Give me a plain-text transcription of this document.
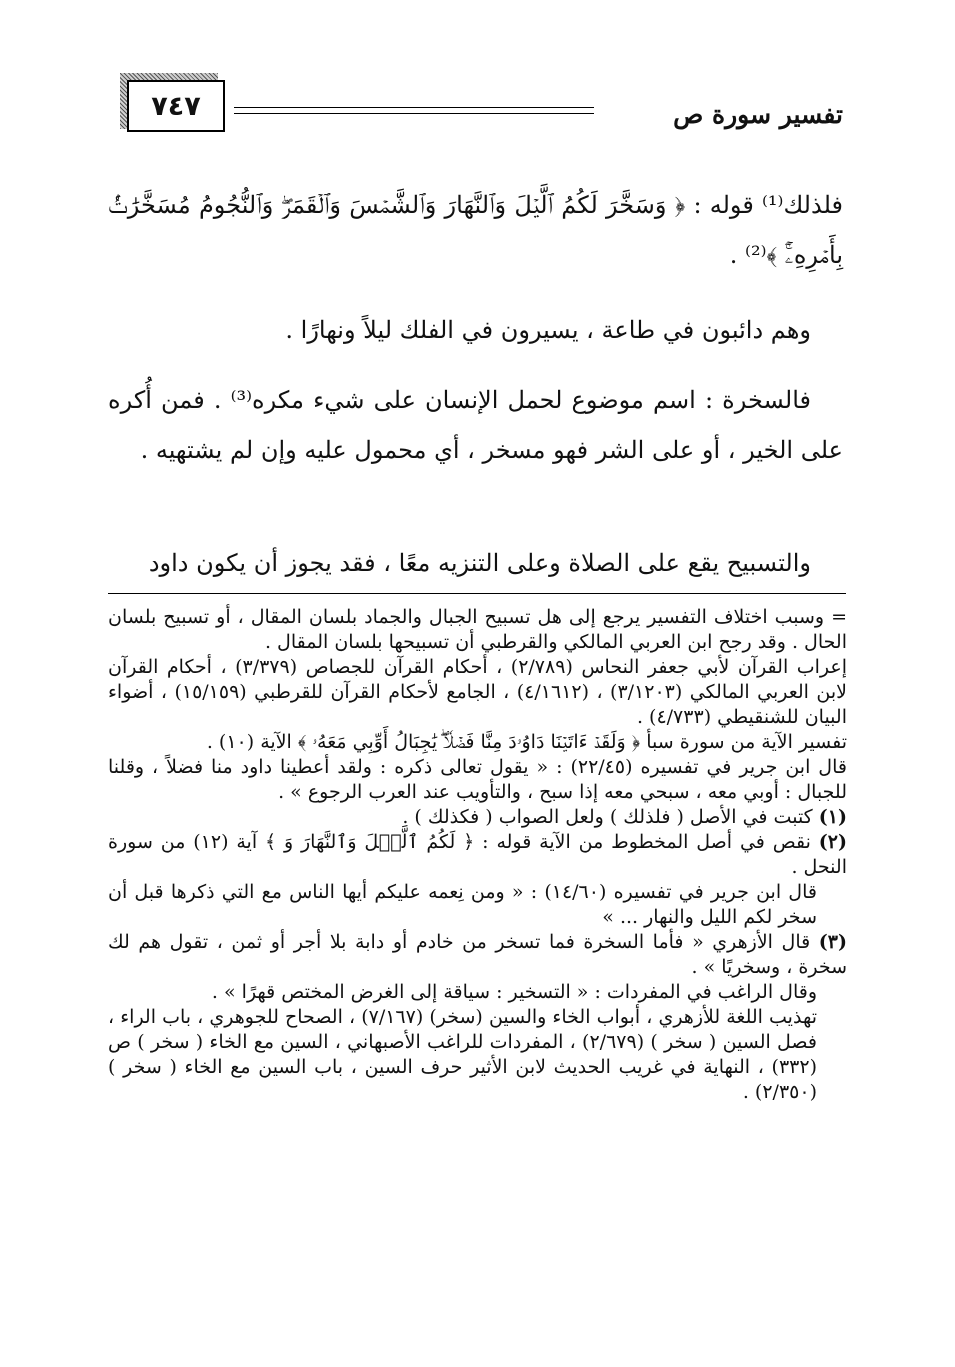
تفسير سورة ص
٧٤٧

فلذلك⁽¹⁾ قوله : ﴿ وَسَخَّرَ لَكُمُ ٱلَّيۡلَ وَٱلنَّهَارَ وَٱلشَّمۡسَ وَٱلۡقَمَرَۖ وَٱلنُّجُومُ مُسَخَّرَٰتُۢ بِأَمۡرِهِۦٓۚ ﴾⁽²⁾ .

وهم دائبون في طاعة ، يسيرون في الفلك ليلاً ونهارًا .

فالسخرة : اسم موضوع لحمل الإنسان على شيء مكره⁽³⁾ . فمن أُكره على الخير ، أو على الشر فهو مسخر ، أي محمول عليه وإن لم يشتهيه .

والتسبيح يقع على الصلاة وعلى التنزيه معًا ، فقد يجوز أن يكون داود

= وسبب اختلاف التفسير يرجع إلى هل تسبيح الجبال والجماد بلسان المقال ، أو تسبيح بلسان الحال . وقد رجح ابن العربي المالكي والقرطبي أن تسبيحها بلسان المقال .

إعراب القرآن لأبي جعفر النحاس (٢/٧٨٩) ، أحكام القرآن للجصاص (٣/٣٧٩) ، أحكام القرآن لابن العربي المالكي (٣/١٢٠٣) ، (٤/١٦١٢) ، الجامع لأحكام القرآن للقرطبي (١٥/١٥٩) ، أضواء البيان للشنقيطي (٤/٧٣٣) .

تفسير الآية من سورة سبأ ﴿ وَلَقَدۡ ءَاتَيۡنَا دَاوُۥدَ مِنَّا فَضۡلٗاۖ يَٰجِبَالُ أَوِّبِي مَعَهُۥ ﴾ الآية (١٠) .

قال ابن جرير في تفسيره (٢٢/٤٥) : « يقول تعالى ذكره : ولقد أعطينا داود منا فضلاً ، وقلنا للجبال : أوبي معه ، سبحي معه إذا سبح ، والتأويب عند العرب الرجوع » .

(١) كتبت في الأصل ( فلذلك ) ولعل الصواب ( فكذلك ) .

(٢) نقص في أصل المخطوط من الآية قوله : ﴿ لَكُمُ ٱلَّيۡلَ وَٱلنَّهَارَ وَ ﴾ آية (١٢) من سورة النحل .

قال ابن جرير في تفسيره (١٤/٦٠) : « ومن نِعمه عليكم أيها الناس مع التي ذكرها قبل أن سخر لكم الليل والنهار ... »

(٣) قال الأزهري « فأما السخرة فما تسخر من خادم أو دابة بلا أجر أو ثمن ، تقول هم لك سخرة ، وسخريًا » .

وقال الراغب في المفردات : « التسخير : سياقة إلى الغرض المختص قهرًا » .

تهذيب اللغة للأزهري ، أبواب الخاء والسين (سخر) (٧/١٦٧) ، الصحاح للجوهري ، باب الراء ، فصل السين ( سخر ) (٢/٦٧٩) ، المفردات للراغب الأصبهاني ، السين مع الخاء ( سخر ) ص (٣٣٢) ، النهاية في غريب الحديث لابن الأثير حرف السين ، باب السين مع الخاء ( سخر ) (٢/٣٥٠) .
